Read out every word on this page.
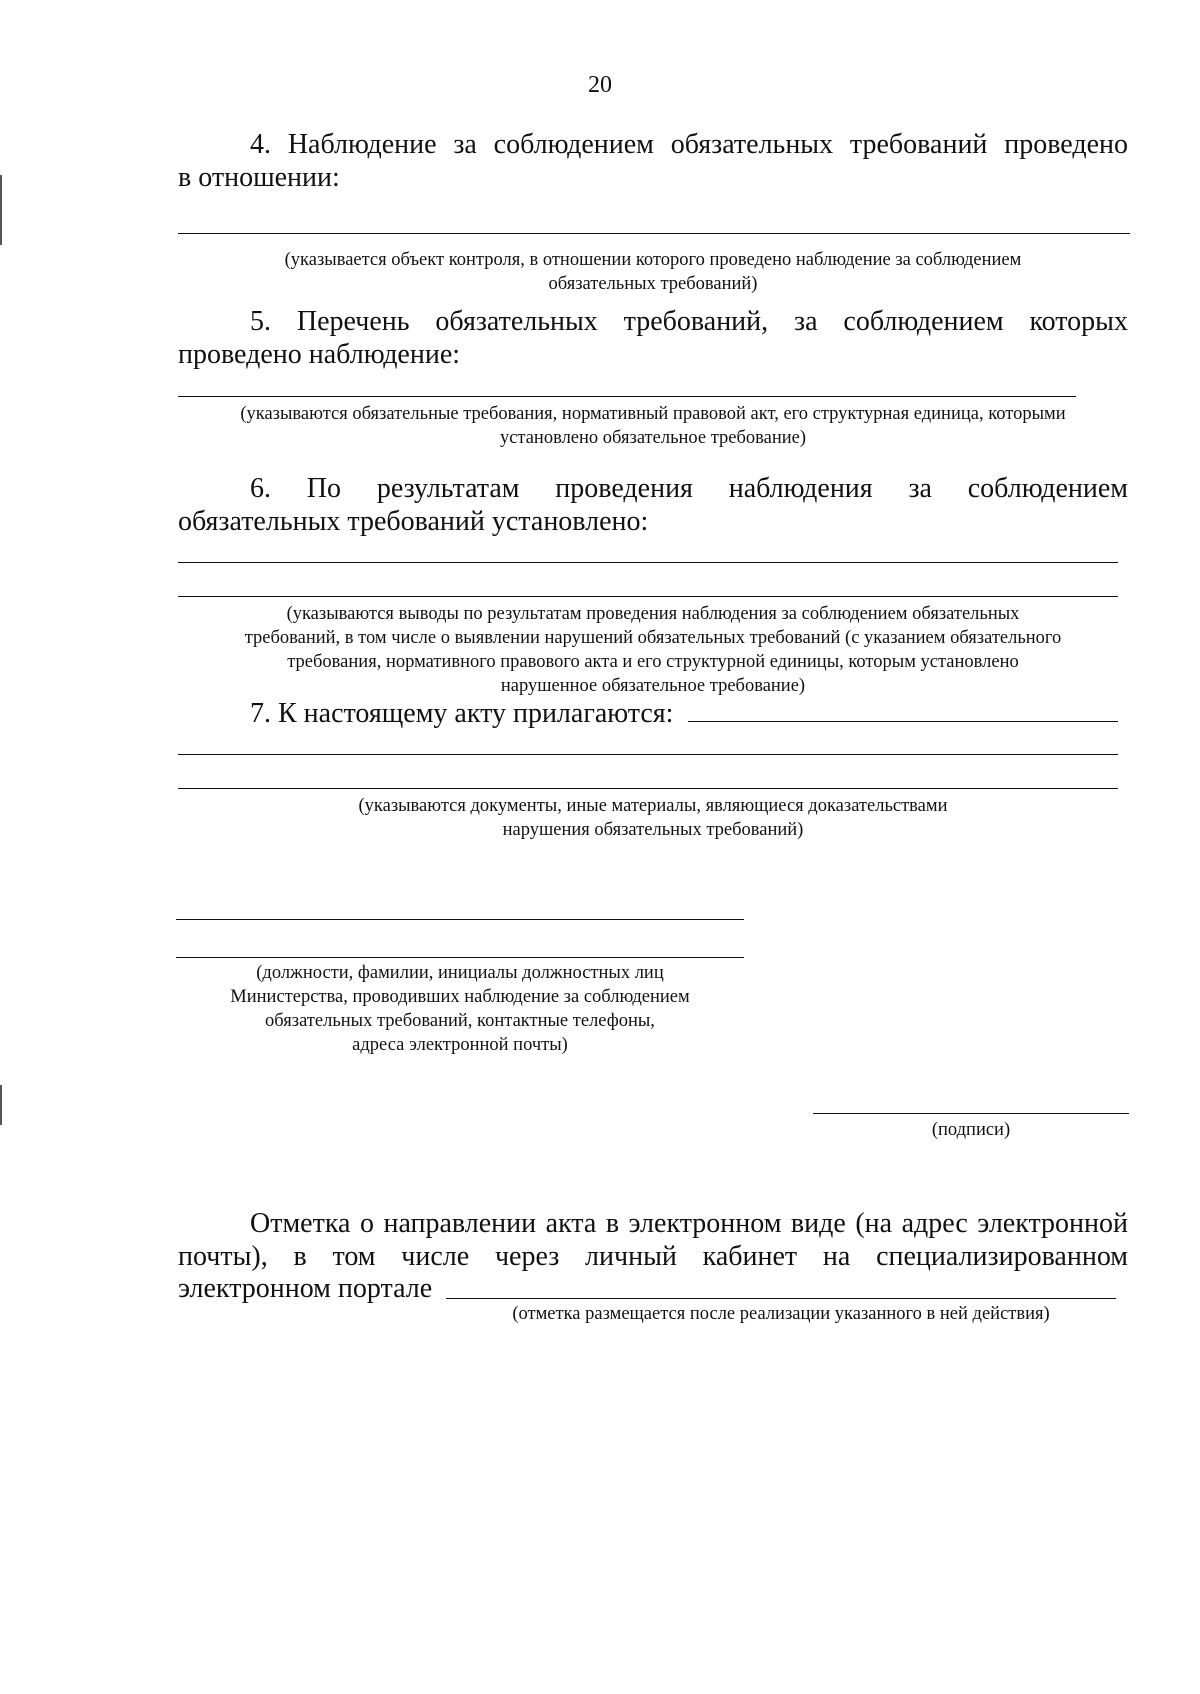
20
4. Наблюдение за соблюдением обязательных требований проведено
в отношении:
(указывается объект контроля, в отношении которого проведено наблюдение за соблюдением
обязательных требований)
5. Перечень обязательных требований, за соблюдением которых
проведено наблюдение:
(указываются обязательные требования, нормативный правовой акт, его структурная единица, которыми
установлено обязательное требование)
6. По результатам проведения наблюдения за соблюдением
обязательных требований установлено:
(указываются выводы по результатам проведения наблюдения за соблюдением обязательных
требований, в том числе о выявлении нарушений обязательных требований (с указанием обязательного
требования, нормативного правового акта и его структурной единицы, которым установлено
нарушенное обязательное требование)
7. К настоящему акту прилагаются:
(указываются документы, иные материалы, являющиеся доказательствами
нарушения обязательных требований)
(должности, фамилии, инициалы должностных лиц
Министерства, проводивших наблюдение за соблюдением
обязательных требований, контактные телефоны,
адреса электронной почты)
(подписи)
Отметка о направлении акта в электронном виде (на адрес электронной
почты), в том числе через личный кабинет на специализированном
электронном портале
(отметка размещается после реализации указанного в ней действия)
